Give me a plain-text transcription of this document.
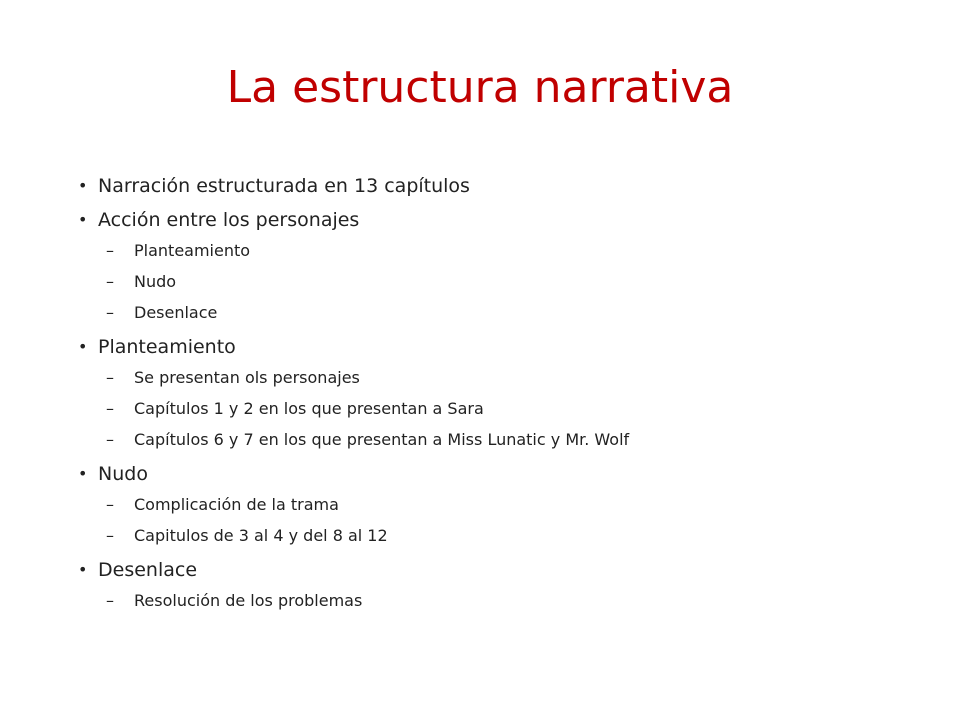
La estructura narrativa
• Narración estructurada en 13 capítulos
• Acción entre los personajes
– Planteamiento
– Nudo
– Desenlace
• Planteamiento
– Se presentan ols personajes
– Capítulos 1 y 2 en los que presentan a Sara
– Capítulos 6 y 7 en los que presentan a Miss Lunatic y Mr. Wolf
• Nudo
– Complicación de la trama
– Capitulos de 3 al 4 y del 8 al 12
• Desenlace
– Resolución de los problemas
